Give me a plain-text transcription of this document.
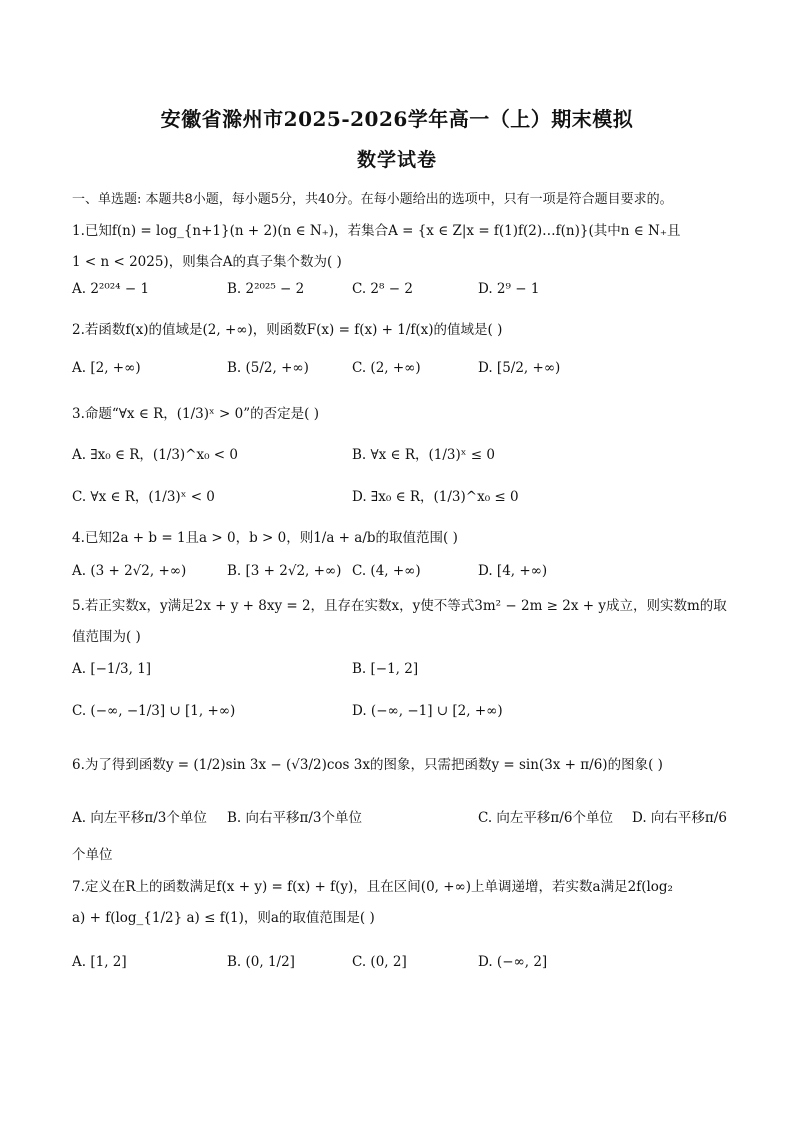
安徽省滁州市2025-2026学年高一（上）期末模拟
数学试卷
一、单选题: 本题共8小题，每小题5分，共40分。在每小题给出的选项中，只有一项是符合题目要求的。
1.已知f(n) = log_{n+1}(n + 2)(n ∈ N₊)，若集合A = {x ∈ Z|x = f(1)f(2)…f(n)}(其中n ∈ N₊且
1 < n < 2025)，则集合A的真子集个数为( )
A. 2²⁰²⁴ − 1	B. 2²⁰²⁵ − 2	C. 2⁸ − 2	D. 2⁹ − 1
2.若函数f(x)的值域是(2, +∞)，则函数F(x) = f(x) + 1/f(x)的值域是( )
A. [2, +∞)	B. (5/2, +∞)	C. (2, +∞)	D. [5/2, +∞)
3.命题“∀x ∈ R，(1/3)ˣ > 0”的否定是( )
A. ∃x₀ ∈ R，(1/3)^x₀ < 0	B. ∀x ∈ R，(1/3)ˣ ≤ 0
C. ∀x ∈ R，(1/3)ˣ < 0	D. ∃x₀ ∈ R，(1/3)^x₀ ≤ 0
4.已知2a + b = 1且a > 0，b > 0，则1/a + a/b的取值范围( )
A. (3 + 2√2, +∞)	B. [3 + 2√2, +∞) C. (4, +∞)	D. [4, +∞)
5.若正实数x，y满足2x + y + 8xy = 2，且存在实数x，y使不等式3m² − 2m ≥ 2x + y成立，则实数m的取
值范围为( )
A. [−1/3, 1]	B. [−1, 2]
C. (−∞, −1/3] ∪ [1, +∞)	D. (−∞, −1] ∪ [2, +∞)
6.为了得到函数y = (1/2)sin 3x − (√3/2)cos 3x的图象，只需把函数y = sin(3x + π/6)的图象( )
A. 向左平移π/3个单位 B. 向右平移π/3个单位	C. 向左平移π/6个单位 D. 向右平移π/6
个单位
7.定义在R上的函数满足f(x + y) = f(x) + f(y)，且在区间(0, +∞)上单调递增，若实数a满足2f(log₂
a) + f(log_{1/2} a) ≤ f(1)，则a的取值范围是( )
A. [1, 2]	B. (0, 1/2]	C. (0, 2]	D. (−∞, 2]
